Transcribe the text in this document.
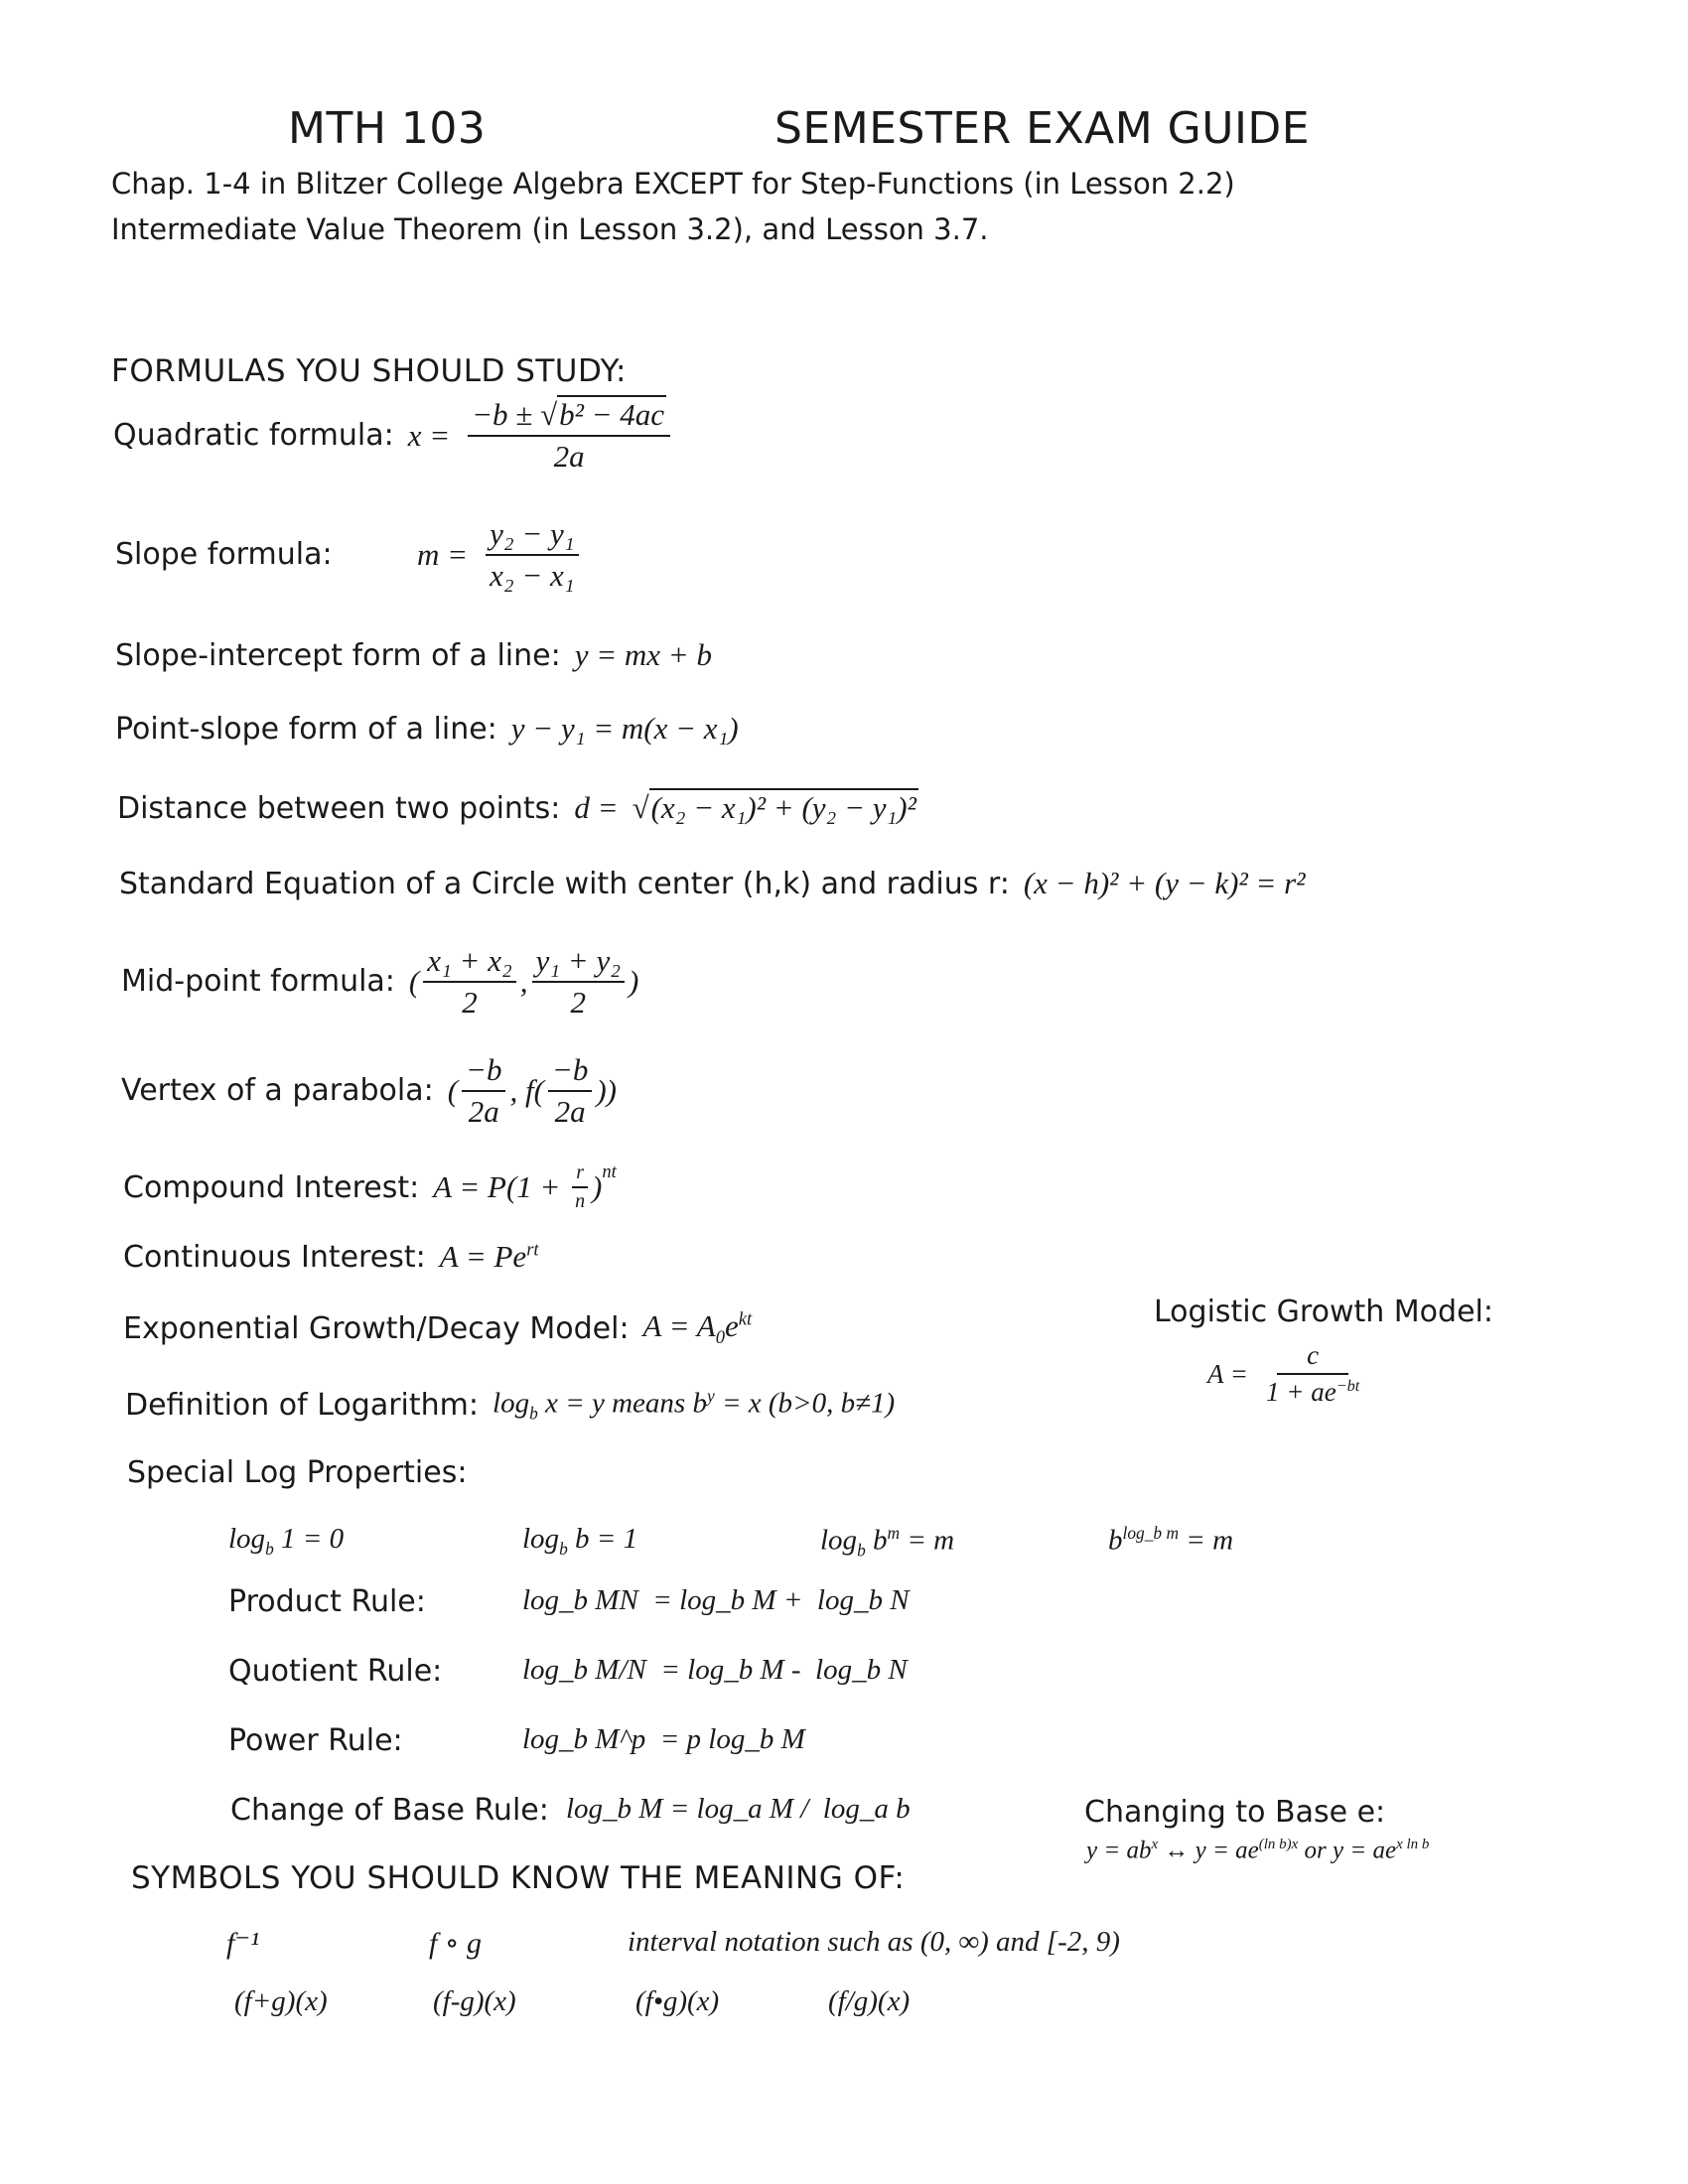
MTH 103	SEMESTER EXAM GUIDE
Chap. 1-4 in Blitzer College Algebra EXCEPT for Step-Functions (in Lesson 2.2)
Intermediate Value Theorem (in Lesson 3.2), and Lesson 3.7.
FORMULAS YOU SHOULD STUDY:
Quadratic formula: $x = \frac{\text{−b ± √b² − 4ac}}{2a}$
Slope formula:	$m = \frac{\text{y₂ − y₁}}{\text{x₂ − x₁}}$
Slope-intercept form of a line: y = mx + b
Point-slope form of a line: y − y₁ = m(x − x₁)
Distance between two points: d = √(x₂ − x₁)² + (y₂ − y₁)²
Standard Equation of a Circle with center (h,k) and radius r: (x − h)² + (y − k)² = r²
Mid-point formula: ( $\frac{\text{x₁ + x₂}}{2}$ , $\frac{\text{y₁ + y₂}}{2}$ )
Vertex of a parabola: ( $\frac{-b}{2a}$ , $f( \frac{-b}{2a}$ ))
Compound Interest: $A = P(1 + \frac{r}{n} )^{nt}$
Continuous Interest: $A = Pe^{rt}$
Exponential Growth/Decay Model: $A = A_0e^{kt}$	Logistic Growth Model:
$A = \frac{c}{1 + ae^{-bt}}$
Definition of Logarithm: $\log_b x = y$ means $b^y = x$ (b>0, b≠1)
Special Log Properties:
$\log_b 1 = 0$	$\log_b b = 1$	$\log_b b^m = m$	$b^{log\_b m} = m$
Product Rule:	log_b MN  = log_b M +  log_b N
Quotient Rule:	log_b M/N  = log_b M -  log_b N
Power Rule:	log_b M^p  = p log_b M
Change of Base Rule: log_b M = log_a M /  log_a b	Changing to Base e:
$y = ab^x$ ↔ $y = ae^{(ln b)x}$ or $y = ae^{x ln b}$
SYMBOLS YOU SHOULD KNOW THE MEANING OF:
f⁻¹	f ∘ g	interval notation such as (0, ∞) and [-2, 9)
(f+g)(x)	(f-g)(x)	(f•g)(x)	(f/g)(x)
